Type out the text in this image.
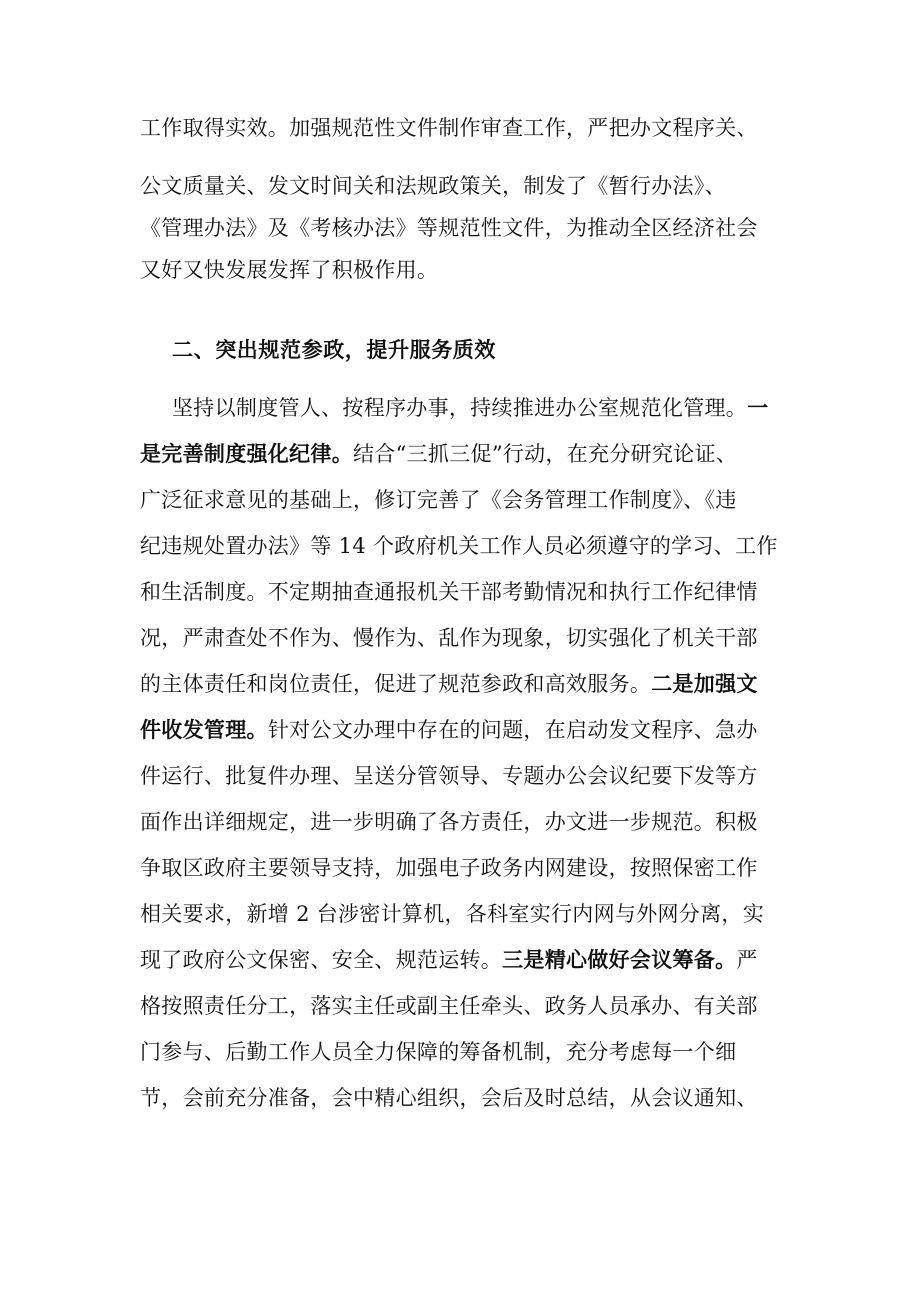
工作取得实效。加强规范性文件制作审查工作，严把办文程序关、
公文质量关、发文时间关和法规政策关，制发了《暂行办法》、
《管理办法》及《考核办法》等规范性文件，为推动全区经济社会
又好又快发展发挥了积极作用。
二、突出规范参政，提升服务质效
坚持以制度管人、按程序办事，持续推进办公室规范化管理。一
是完善制度强化纪律。结合“三抓三促”行动，在充分研究论证、
广泛征求意见的基础上，修订完善了《会务管理工作制度》、《违
纪违规处置办法》等 14 个政府机关工作人员必须遵守的学习、工作
和生活制度。不定期抽查通报机关干部考勤情况和执行工作纪律情
况，严肃查处不作为、慢作为、乱作为现象，切实强化了机关干部
的主体责任和岗位责任，促进了规范参政和高效服务。二是加强文
件收发管理。针对公文办理中存在的问题，在启动发文程序、急办
件运行、批复件办理、呈送分管领导、专题办公会议纪要下发等方
面作出详细规定，进一步明确了各方责任，办文进一步规范。积极
争取区政府主要领导支持，加强电子政务内网建设，按照保密工作
相关要求，新增 2 台涉密计算机，各科室实行内网与外网分离，实
现了政府公文保密、安全、规范运转。三是精心做好会议筹备。严
格按照责任分工，落实主任或副主任牵头、政务人员承办、有关部
门参与、后勤工作人员全力保障的筹备机制，充分考虑每一个细
节，会前充分准备，会中精心组织，会后及时总结，从会议通知、
